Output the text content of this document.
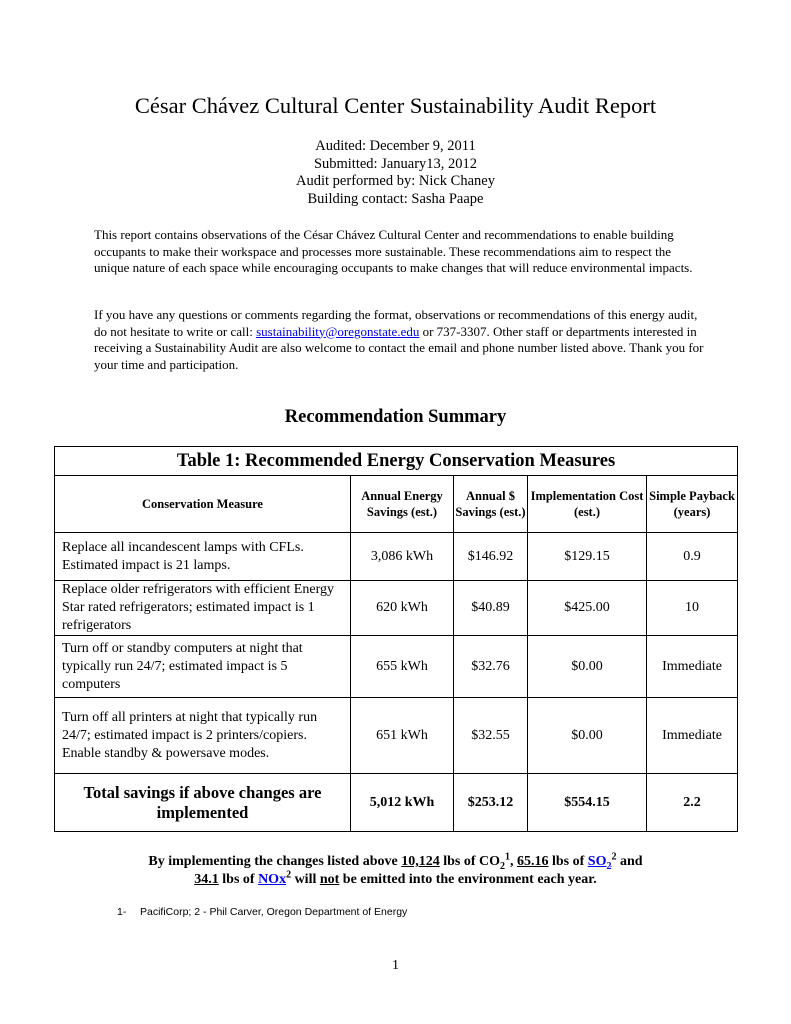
César Chávez Cultural Center Sustainability Audit Report
Audited: December 9, 2011
Submitted: January13, 2012
Audit performed by: Nick Chaney
Building contact: Sasha Paape
This report contains observations of the César Chávez Cultural Center and recommendations to enable building occupants to make their workspace and processes more sustainable. These recommendations aim to respect the unique nature of each space while encouraging occupants to make changes that will reduce environmental impacts.
If you have any questions or comments regarding the format, observations or recommendations of this energy audit, do not hesitate to write or call: sustainability@oregonstate.edu or 737-3307. Other staff or departments interested in receiving a Sustainability Audit are also welcome to contact the email and phone number listed above. Thank you for your time and participation.
Recommendation Summary
Table 1: Recommended Energy Conservation Measures				
Conservation Measure	Annual Energy Savings (est.)	Annual $ Savings (est.)	Implementation Cost (est.)	Simple Payback (years)
Replace all incandescent lamps with CFLs. Estimated impact is 21 lamps.	3,086 kWh	$146.92	$129.15	0.9
Replace older refrigerators with efficient Energy Star rated refrigerators; estimated impact is 1 refrigerators	620 kWh	$40.89	$425.00	10
Turn off or standby computers at night that typically run 24/7; estimated impact is 5 computers	655 kWh	$32.76	$0.00	Immediate
Turn off all printers at night that typically run 24/7; estimated impact is 2 printers/copiers. Enable standby & powersave modes.	651 kWh	$32.55	$0.00	Immediate
Total savings if above changes are implemented	5,012 kWh	$253.12	$554.15	2.2
By implementing the changes listed above 10,124 lbs of $CO_2^1$, 65.16 lbs of $SO_2^2$ and
34.1 lbs of NOx$^2$ will not be emitted into the environment each year.
1- PacifiCorp; 2 - Phil Carver, Oregon Department of Energy
1
